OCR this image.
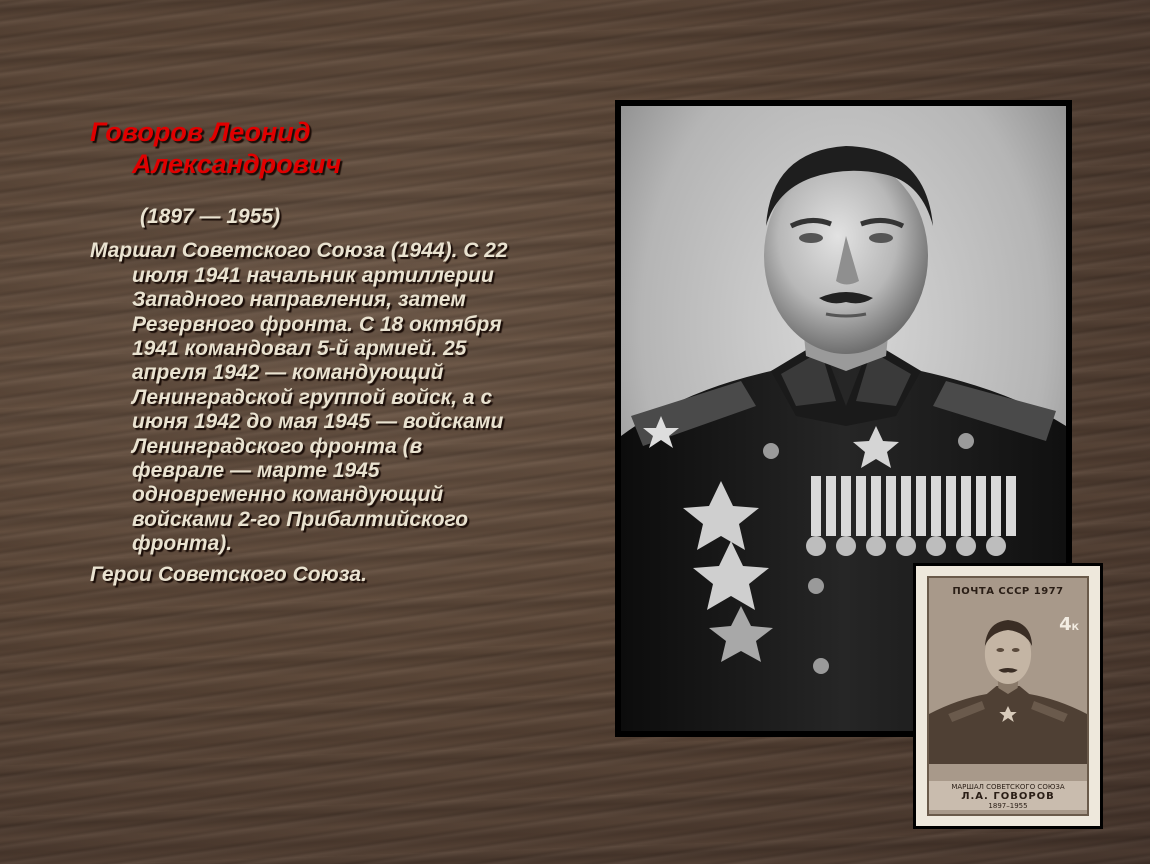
Говоров Леонид
Александрович
(1897 — 1955)

Маршал Советского Союза (1944). С 22 июля 1941 начальник артиллерии Западного направления, затем Резервного фронта. С 18 октября 1941 командовал 5-й армией. 25 апреля 1942 — командующий Ленинградской группой войск, а с июня 1942 до мая 1945 — войсками Ленинградского фронта (в феврале — марте 1945 одновременно командующий войсками 2-го Прибалтийского фронта).

Герои Советского Союза.

ПОЧТА СССР 1977
4К
МАРШАЛ СОВЕТСКОГО СОЮЗА
Л.А. ГОВОРОВ
1897–1955
